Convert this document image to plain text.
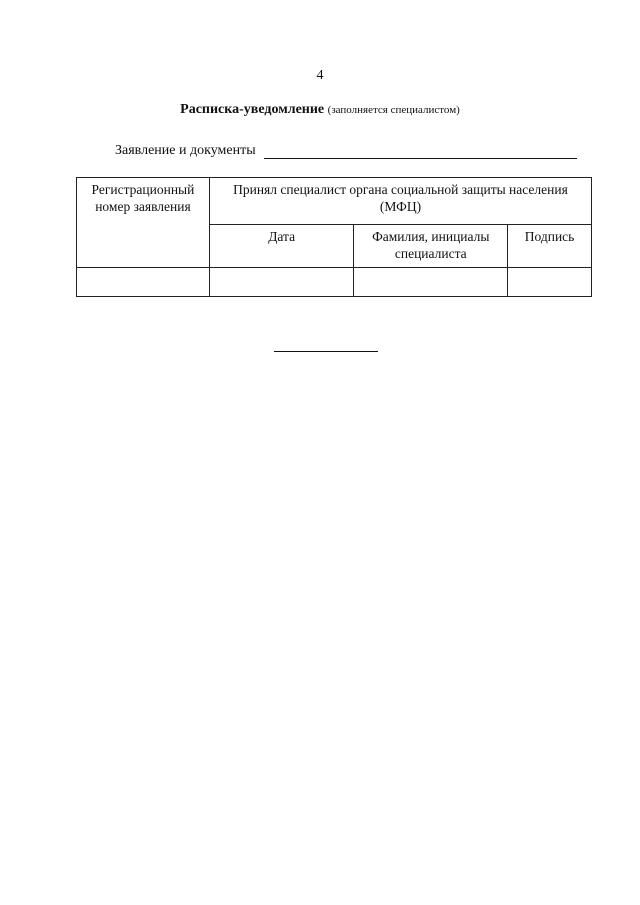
4
Расписка-уведомление (заполняется специалистом)
Заявление и документы
Регистрационный номер заявления	Принял специалист органа социальной защиты населения (МФЦ)		
	Дата	Фамилия, инициалы специалиста	Подпись
